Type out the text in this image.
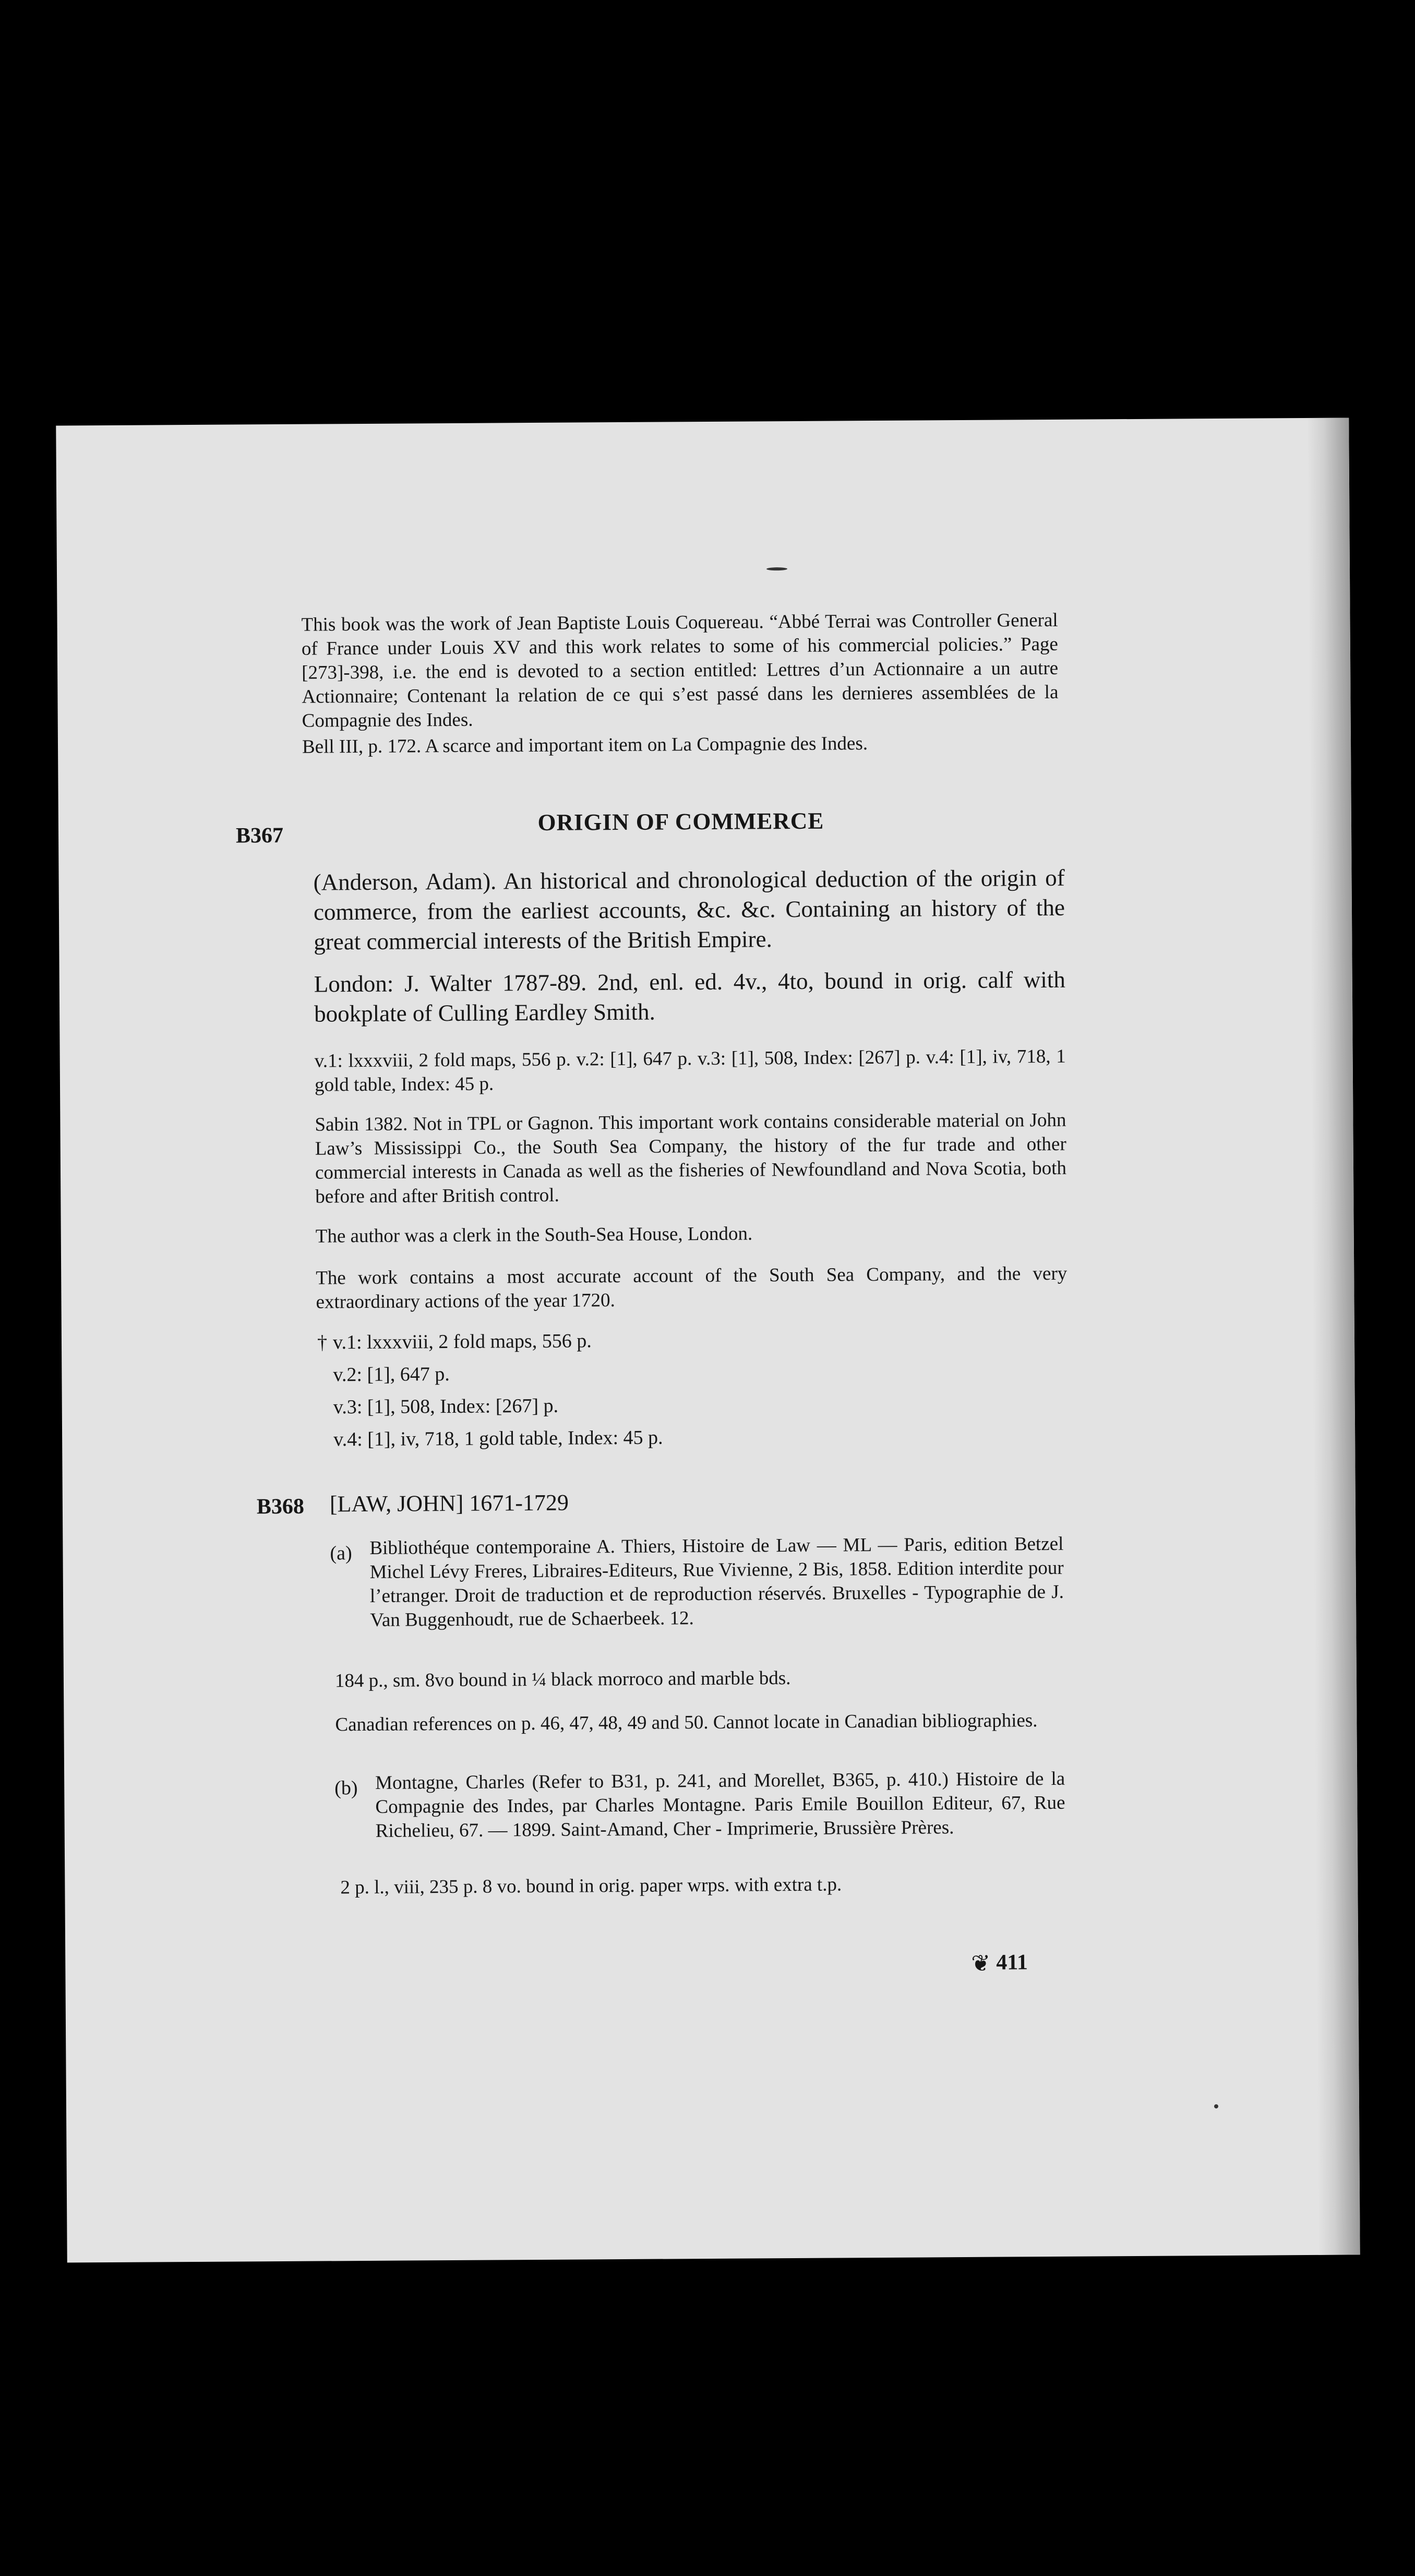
This book was the work of Jean Baptiste Louis Coquereau. “Abbé Terrai was Controller General of France under Louis XV and this work relates to some of his commercial policies.” Page [273]-398, i.e. the end is devoted to a section entitled: Lettres d’un Actionnaire a un autre Actionnaire; Contenant la relation de ce qui s’est passé dans les dernieres assemblées de la Compagnie des Indes.

Bell III, p. 172. A scarce and important item on La Compagnie des Indes.

B367
ORIGIN OF COMMERCE

(Anderson, Adam). An historical and chronological deduction of the origin of commerce, from the earliest accounts, &c. &c. Containing an history of the great commercial interests of the British Empire.

London: J. Walter 1787-89. 2nd, enl. ed. 4v., 4to, bound in orig. calf with bookplate of Culling Eardley Smith.

v.1: lxxxviii, 2 fold maps, 556 p. v.2: [1], 647 p. v.3: [1], 508, Index: [267] p. v.4: [1], iv, 718, 1 gold table, Index: 45 p.

Sabin 1382. Not in TPL or Gagnon. This important work contains considerable material on John Law’s Mississippi Co., the South Sea Company, the history of the fur trade and other commercial interests in Canada as well as the fisheries of Newfoundland and Nova Scotia, both before and after British control.

The author was a clerk in the South-Sea House, London.

The work contains a most accurate account of the South Sea Company, and the very extraordinary actions of the year 1720.

† v.1: lxxxviii, 2 fold maps, 556 p.
v.2: [1], 647 p.
v.3: [1], 508, Index: [267] p.
v.4: [1], iv, 718, 1 gold table, Index: 45 p.
B368 [LAW, JOHN] 1671-1729
(a) Bibliothéque contemporaine A. Thiers, Histoire de Law — ML — Paris, edition Betzel Michel Lévy Freres, Libraires-Editeurs, Rue Vivienne, 2 Bis, 1858. Edition interdite pour l’etranger. Droit de traduction et de reproduction réservés. Bruxelles - Typographie de J. Van Buggenhoudt, rue de Schaerbeek. 12.

184 p., sm. 8vo bound in ¼ black morroco and marble bds.

Canadian references on p. 46, 47, 48, 49 and 50. Cannot locate in Canadian bibliographies.

(b) Montagne, Charles (Refer to B31, p. 241, and Morellet, B365, p. 410.) Histoire de la Compagnie des Indes, par Charles Montagne. Paris Emile Bouillon Editeur, 67, Rue Richelieu, 67. — 1899. Saint-Amand, Cher - Imprimerie, Brussière Prères.

2 p. l., viii, 235 p. 8 vo. bound in orig. paper wrps. with extra t.p.

❦ 411
